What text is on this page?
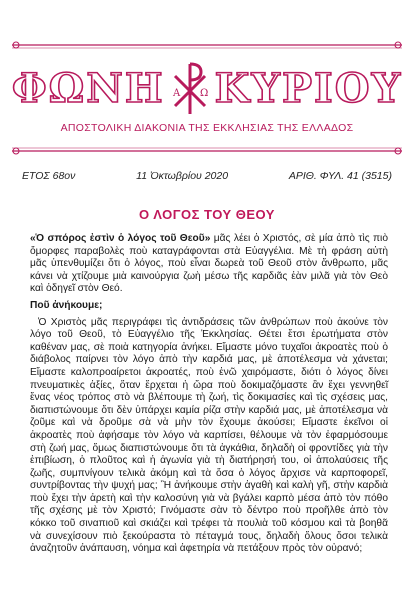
ΦΩΝΗ Α Ω ΚΥΡΙΟΥ
ΑΠΟΣΤΟΛΙΚΗ ΔΙΑΚΟΝΙΑ ΤΗΣ ΕΚΚΛΗΣΙΑΣ ΤΗΣ ΕΛΛΑΔΟΣ
ΕΤΟΣ 68ον	11 Ὀκτωβρίου 2020	ΑΡΙΘ. ΦΥΛ. 41 (3515)
Ο ΛΟΓΟΣ ΤΟΥ ΘΕΟΥ

«Ὁ σπόρος ἐστὶν ὁ λόγος τοῦ Θεοῦ» μᾶς λέει ὁ Χριστός, σὲ μία ἀπὸ τὶς πιὸ ὄμορφες παραβολὲς ποὺ καταγράφονται στὰ Εὐαγγέλια. Μὲ τὴ φράση αὐτὴ μᾶς ὑπενθυμίζει ὅτι ὁ λόγος, ποὺ εἶναι δωρεὰ τοῦ Θεοῦ στὸν ἄνθρωπο, μᾶς κάνει νὰ χτίζουμε μιὰ καινούργια ζωὴ μέσω τῆς καρδιᾶς ἐὰν μιλᾶ γιὰ τὸν Θεὸ καὶ ὁδηγεῖ στὸν Θεό.

Ποῦ ἀνήκουμε;

Ὁ Χριστὸς μᾶς περιγράφει τὶς ἀντιδράσεις τῶν ἀνθρώπων ποὺ ἀκούνε τὸν λόγο τοῦ Θεοῦ, τὸ Εὐαγγέλιο τῆς Ἐκκλησίας. Θέτει ἔτσι ἐρωτήματα στὸν καθέναν μας, σὲ ποιὰ κατηγορία ἀνήκει. Εἴμαστε μόνο τυχαῖοι ἀκροατὲς ποὺ ὁ διάβολος παίρνει τὸν λόγο ἀπὸ τὴν καρδιά μας, μὲ ἀποτέλεσμα νὰ χάνεται; Εἴμαστε καλοπροαίρετοι ἀκροατές, ποὺ ἐνῶ χαιρόμαστε, διότι ὁ λόγος δίνει πνευματικὲς ἀξίες, ὅταν ἔρχεται ἡ ὥρα ποὺ δοκιμαζόμαστε ἂν ἔχει γεννηθεῖ ἕνας νέος τρόπος στὸ νὰ βλέπουμε τὴ ζωή, τὶς δοκιμασίες καὶ τὶς σχέσεις μας, διαπιστώνουμε ὅτι δὲν ὑπάρχει καμία ρίζα στὴν καρδιά μας, μὲ ἀποτέλεσμα νὰ ζοῦμε καὶ νὰ δροῦμε σὰ νὰ μὴν τὸν ἔχουμε ἀκούσει; Εἴμαστε ἐκεῖνοι οἱ ἀκροατὲς ποὺ ἀφήσαμε τὸν λόγο νὰ καρπίσει, θέλουμε νὰ τὸν ἐφαρμόσουμε στὴ ζωή μας, ὅμως διαπιστώνουμε ὅτι τὰ ἀγκάθια, δηλαδὴ οἱ φροντίδες γιὰ τὴν ἐπιβίωση, ὁ πλοῦτος καὶ ἡ ἀγωνία γιὰ τὴ διατήρησή του, οἱ ἀπολαύσεις τῆς ζωῆς, συμπνίγουν τελικὰ ἀκόμη καὶ τὰ ὅσα ὁ λόγος ἄρχισε νὰ καρποφορεῖ, συντρίβοντας τὴν ψυχή μας; Ἢ ἀνήκουμε στὴν ἀγαθὴ καὶ καλὴ γῆ, στὴν καρδιὰ ποὺ ἔχει τὴν ἀρετὴ καὶ τὴν καλοσύνη γιὰ νὰ βγάλει καρπὸ μέσα ἀπὸ τὸν πόθο τῆς σχέσης μὲ τὸν Χριστό; Γινόμαστε σὰν τὸ δέντρο ποὺ προῆλθε ἀπὸ τὸν κόκκο τοῦ σιναπιοῦ καὶ σκιάζει καὶ τρέφει τὰ πουλιὰ τοῦ κόσμου καὶ τὰ βοηθᾶ νὰ συνεχίσουν πιὸ ξεκούραστα τὸ πέταγμά τους, δηλαδὴ ὅλους ὅσοι τελικὰ ἀναζητοῦν ἀνάπαυση, νόημα καὶ ἀφετηρία νὰ πετάξουν πρὸς τὸν οὐρανό;
